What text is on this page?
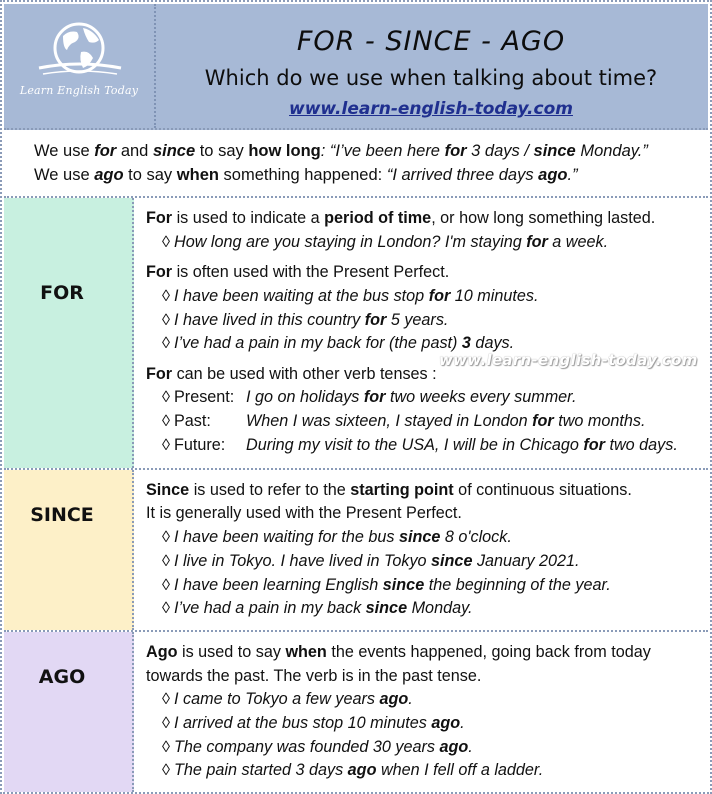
Learn English Today
FOR - SINCE - AGO
Which do we use when talking about time?
www.learn-english-today.com
We use for and since to say how long: “I’ve been here for 3 days / since Monday.”
We use ago to say when something happened: “I arrived three days ago.”
FOR
For is used to indicate a period of time, or how long something lasted.
◊ How long are you staying in London? I'm staying for a week.
For is often used with the Present Perfect.
◊ I have been waiting at the bus stop for 10 minutes.
◊ I have lived in this country for 5 years.
◊ I’ve had a pain in my back for (the past) 3 days.
For can be used with other verb tenses :
◊ Present: I go on holidays for two weeks every summer.
◊ Past: When I was sixteen, I stayed in London for two months.
◊ Future: During my visit to the USA, I will be in Chicago for two days.
www.learn-english-today.com
SINCE
Since is used to refer to the starting point of continuous situations.
It is generally used with the Present Perfect.
◊ I have been waiting for the bus since 8 o'clock.
◊ I live in Tokyo. I have lived in Tokyo since January 2021.
◊ I have been learning English since the beginning of the year.
◊ I’ve had a pain in my back since Monday.
AGO
Ago is used to say when the events happened, going back from today
towards the past. The verb is in the past tense.
◊ I came to Tokyo a few years ago.
◊ I arrived at the bus stop 10 minutes ago.
◊ The company was founded 30 years ago.
◊ The pain started 3 days ago when I fell off a ladder.
